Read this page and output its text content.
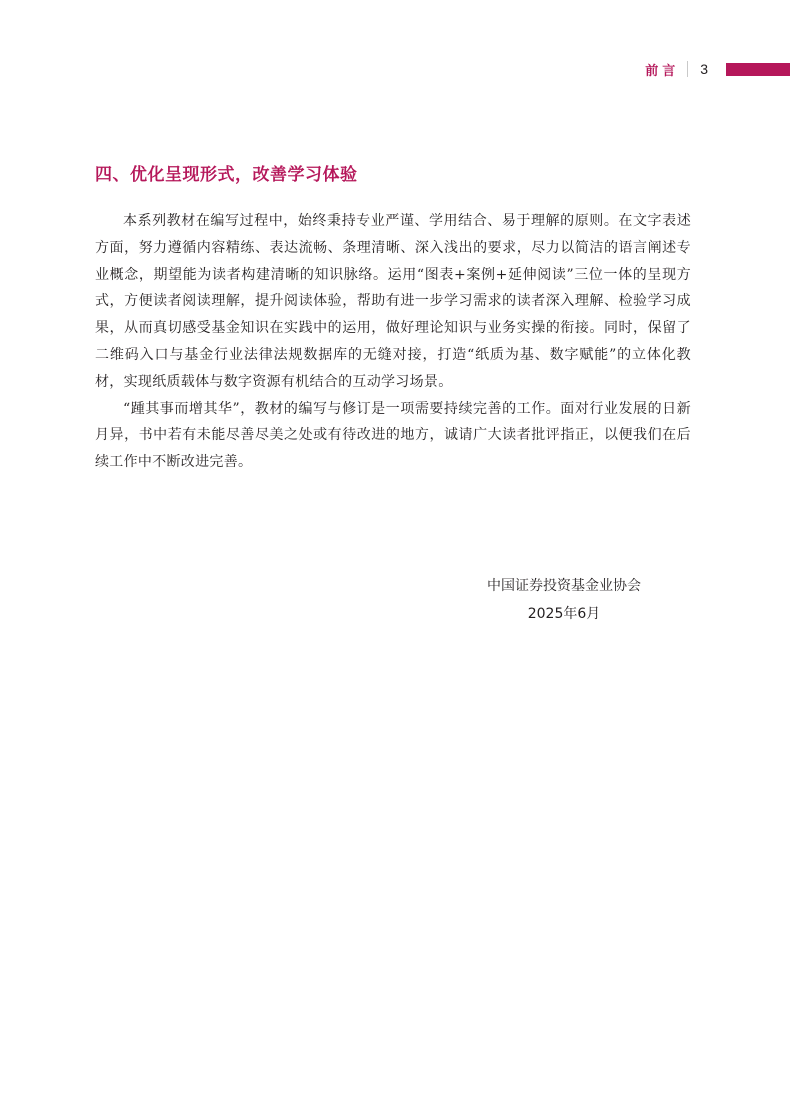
前言 3
四、优化呈现形式，改善学习体验

本系列教材在编写过程中，始终秉持专业严谨、学用结合、易于理解的原则。在文字表述方面，努力遵循内容精练、表达流畅、条理清晰、深入浅出的要求，尽力以简洁的语言阐述专业概念，期望能为读者构建清晰的知识脉络。运用“图表+案例+延伸阅读”三位一体的呈现方式，方便读者阅读理解，提升阅读体验，帮助有进一步学习需求的读者深入理解、检验学习成果，从而真切感受基金知识在实践中的运用，做好理论知识与业务实操的衔接。同时，保留了二维码入口与基金行业法律法规数据库的无缝对接，打造“纸质为基、数字赋能”的立体化教材，实现纸质载体与数字资源有机结合的互动学习场景。

“踵其事而增其华”，教材的编写与修订是一项需要持续完善的工作。面对行业发展的日新月异，书中若有未能尽善尽美之处或有待改进的地方，诚请广大读者批评指正，以便我们在后续工作中不断改进完善。

中国证券投资基金业协会
2025年6月
